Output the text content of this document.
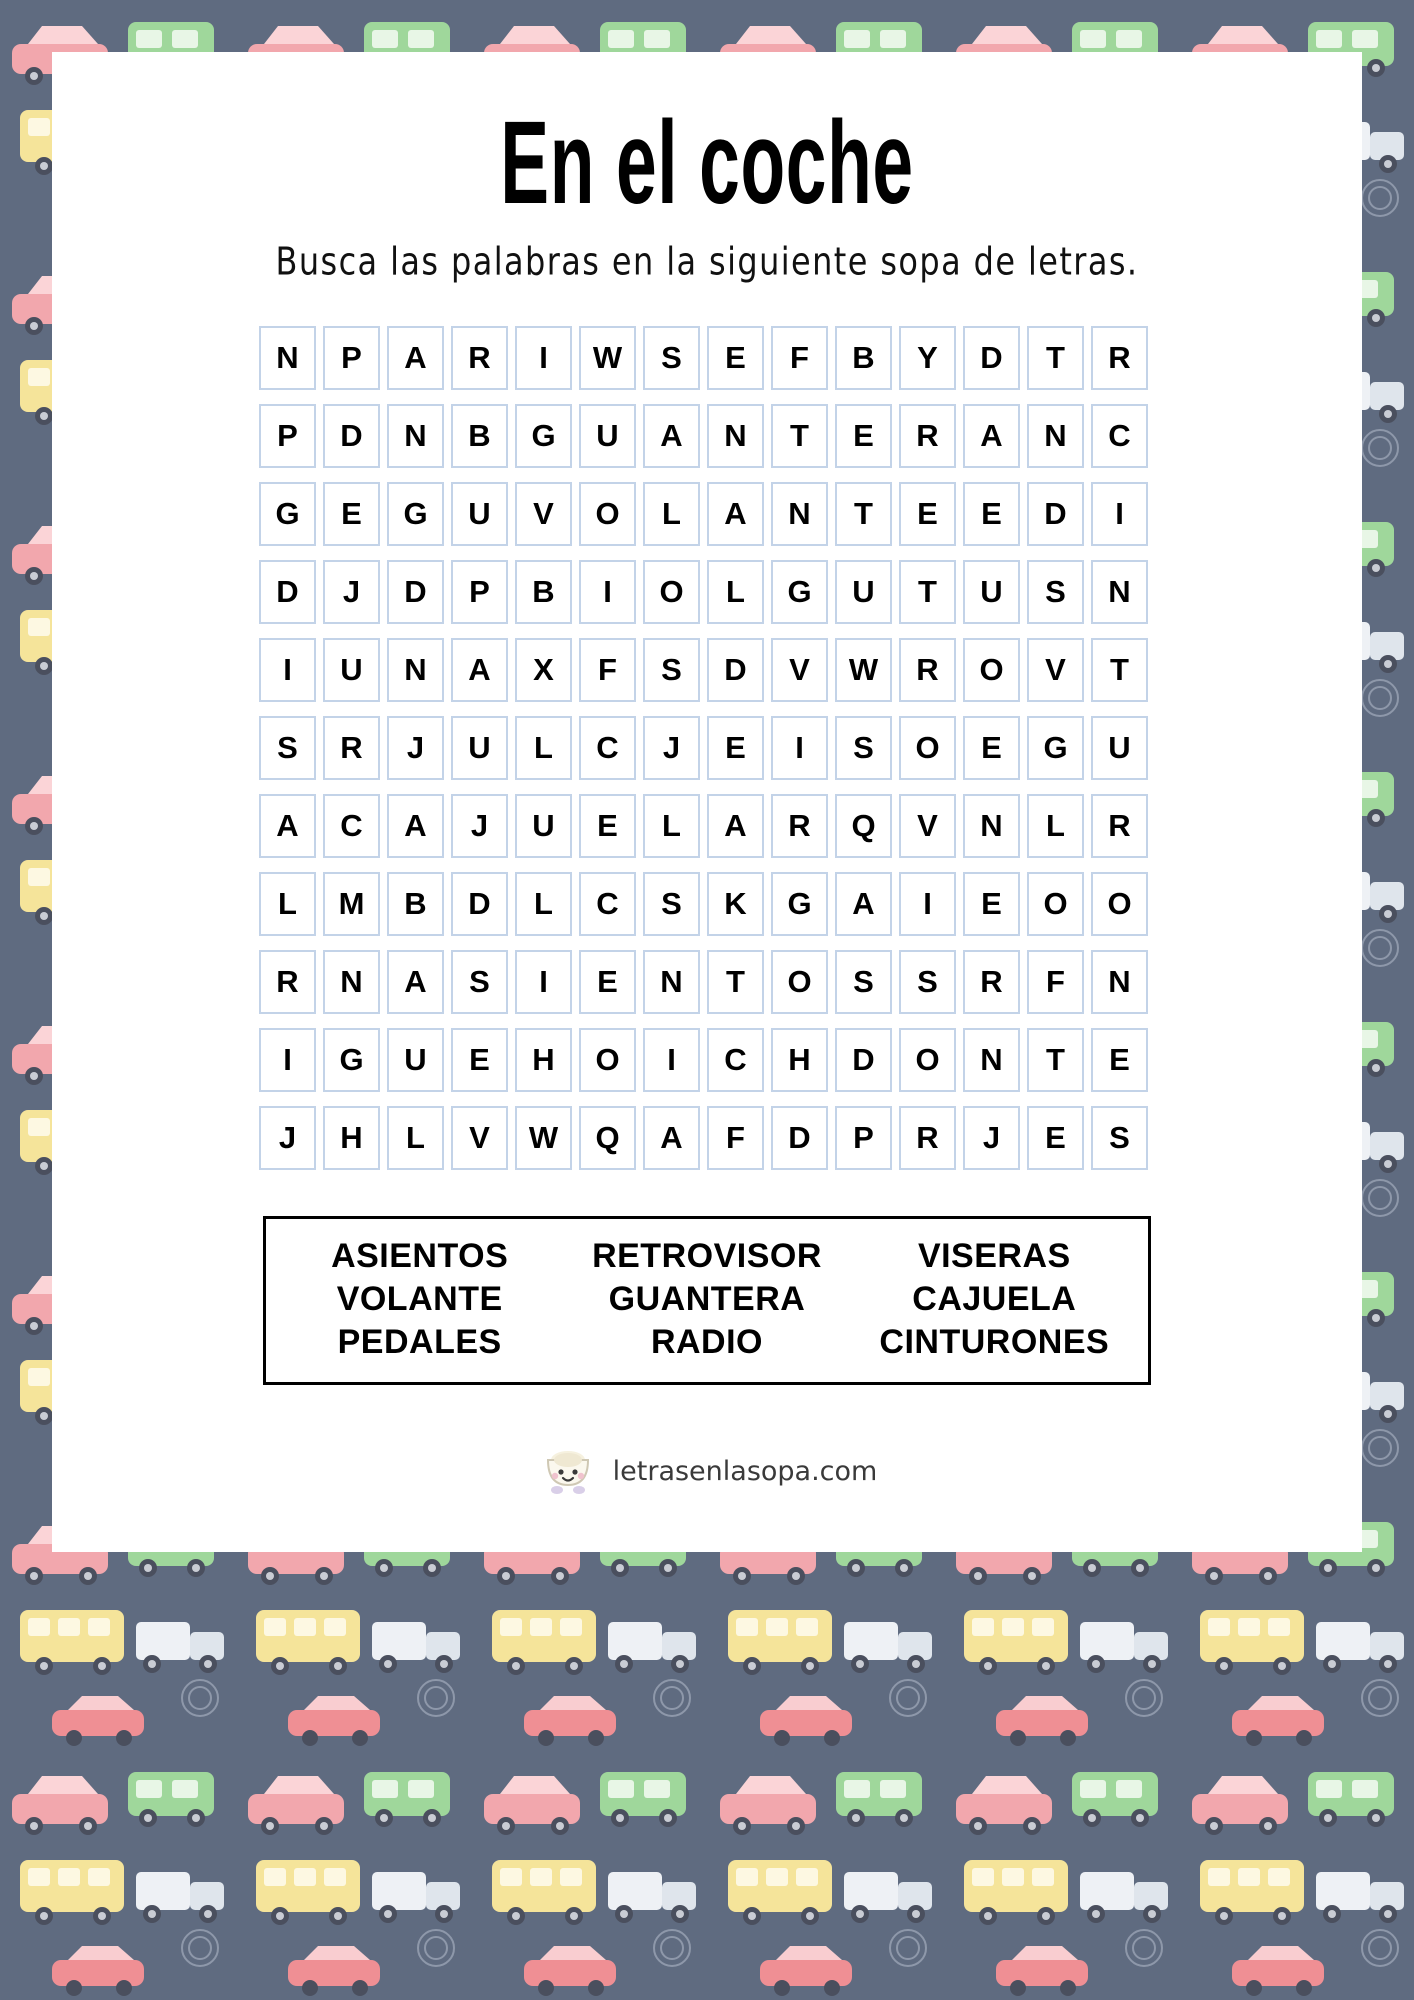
En el coche

Busca las palabras en la siguiente sopa de letras.

N	P	A	R	I	W	S	E	F	B	Y	D	T	R
P	D	N	B	G	U	A	N	T	E	R	A	N	C
G	E	G	U	V	O	L	A	N	T	E	E	D	I
D	J	D	P	B	I	O	L	G	U	T	U	S	N
I	U	N	A	X	F	S	D	V	W	R	O	V	T
S	R	J	U	L	C	J	E	I	S	O	E	G	U
A	C	A	J	U	E	L	A	R	Q	V	N	L	R
L	M	B	D	L	C	S	K	G	A	I	E	O	O
R	N	A	S	I	E	N	T	O	S	S	R	F	N
I	G	U	E	H	O	I	C	H	D	O	N	T	E
J	H	L	V	W	Q	A	F	D	P	R	J	E	S
ASIENTOS
VOLANTE
PEDALES
RETROVISOR
GUANTERA
RADIO
VISERAS
CAJUELA
CINTURONES
letrasenlasopa.com
